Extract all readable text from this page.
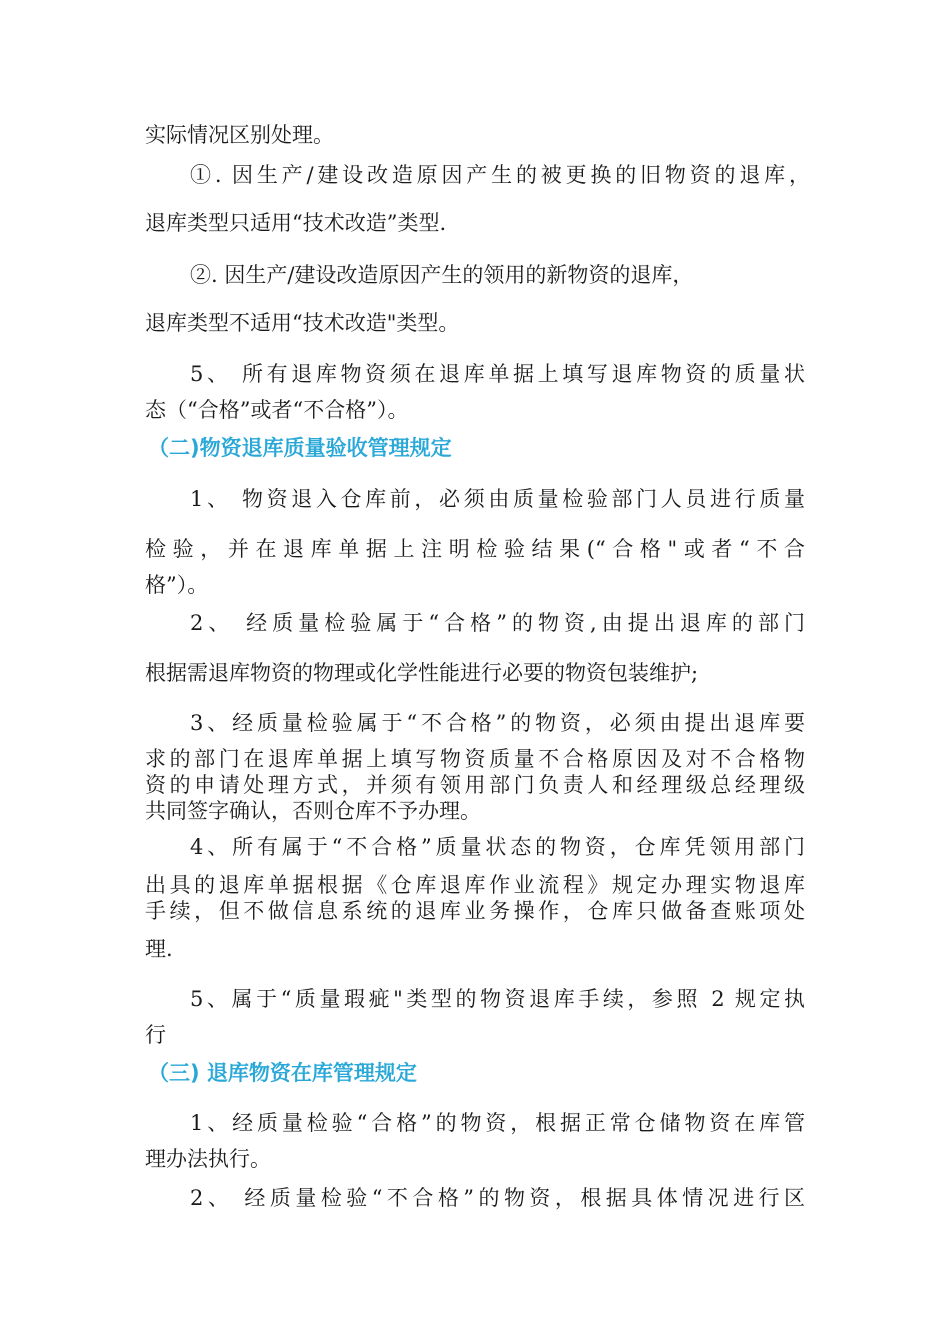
实际情况区别处理。
①. 因生产/建设改造原因产生的被更换的旧物资的退库，
退库类型只适用“技术改造”类型.
②. 因生产/建设改造原因产生的领用的新物资的退库，
退库类型不适用“技术改造"类型。
5、 所有退库物资须在退库单据上填写退库物资的质量状
态（“合格”或者“不合格”）。
（二)物资退库质量验收管理规定
1、 物资退入仓库前，必须由质量检验部门人员进行质量
检验，并在退库单据上注明检验结果(“合格"或者“不合
格”）。
2、 经质量检验属于“合格”的物资,由提出退库的部门
根据需退库物资的物理或化学性能进行必要的物资包装维护;
3、经质量检验属于“不合格”的物资，必须由提出退库要
求的部门在退库单据上填写物资质量不合格原因及对不合格物
资的申请处理方式，并须有领用部门负责人和经理级总经理级
共同签字确认，否则仓库不予办理。
4、所有属于“不合格”质量状态的物资，仓库凭领用部门
出具的退库单据根据《仓库退库作业流程》规定办理实物退库
手续，但不做信息系统的退库业务操作，仓库只做备查账项处
理.
5、属于“质量瑕疵"类型的物资退库手续，参照 2 规定执
行
（三) 退库物资在库管理规定
1、经质量检验“合格”的物资，根据正常仓储物资在库管
理办法执行。
2、 经质量检验“不合格”的物资，根据具体情况进行区
